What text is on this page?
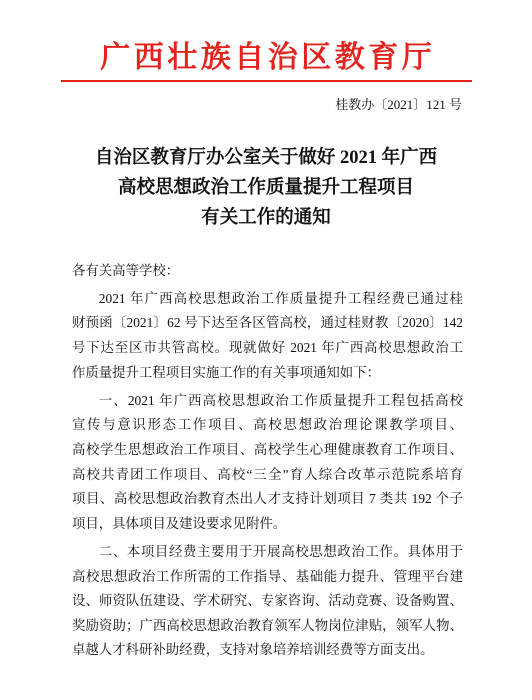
广西壮族自治区教育厅
桂教办〔2021〕121 号
自治区教育厅办公室关于做好 2021 年广西
高校思想政治工作质量提升工程项目
有关工作的通知
各有关高等学校：
2021 年广西高校思想政治工作质量提升工程经费已通过桂
财预函〔2021〕62 号下达至各区管高校，通过桂财教〔2020〕142
号下达至区市共管高校。现就做好 2021 年广西高校思想政治工
作质量提升工程项目实施工作的有关事项通知如下：
一、2021 年广西高校思想政治工作质量提升工程包括高校
宣传与意识形态工作项目、高校思想政治理论课教学项目、
高校学生思想政治工作项目、高校学生心理健康教育工作项目、
高校共青团工作项目、高校“三全”育人综合改革示范院系培育
项目、高校思想政治教育杰出人才支持计划项目 7 类共 192 个子
项目，具体项目及建设要求见附件。
二、本项目经费主要用于开展高校思想政治工作。具体用于
高校思想政治工作所需的工作指导、基础能力提升、管理平台建
设、师资队伍建设、学术研究、专家咨询、活动竞赛、设备购置、
奖励资助；广西高校思想政治教育领军人物岗位津贴，领军人物、
卓越人才科研补助经费，支持对象培养培训经费等方面支出。
